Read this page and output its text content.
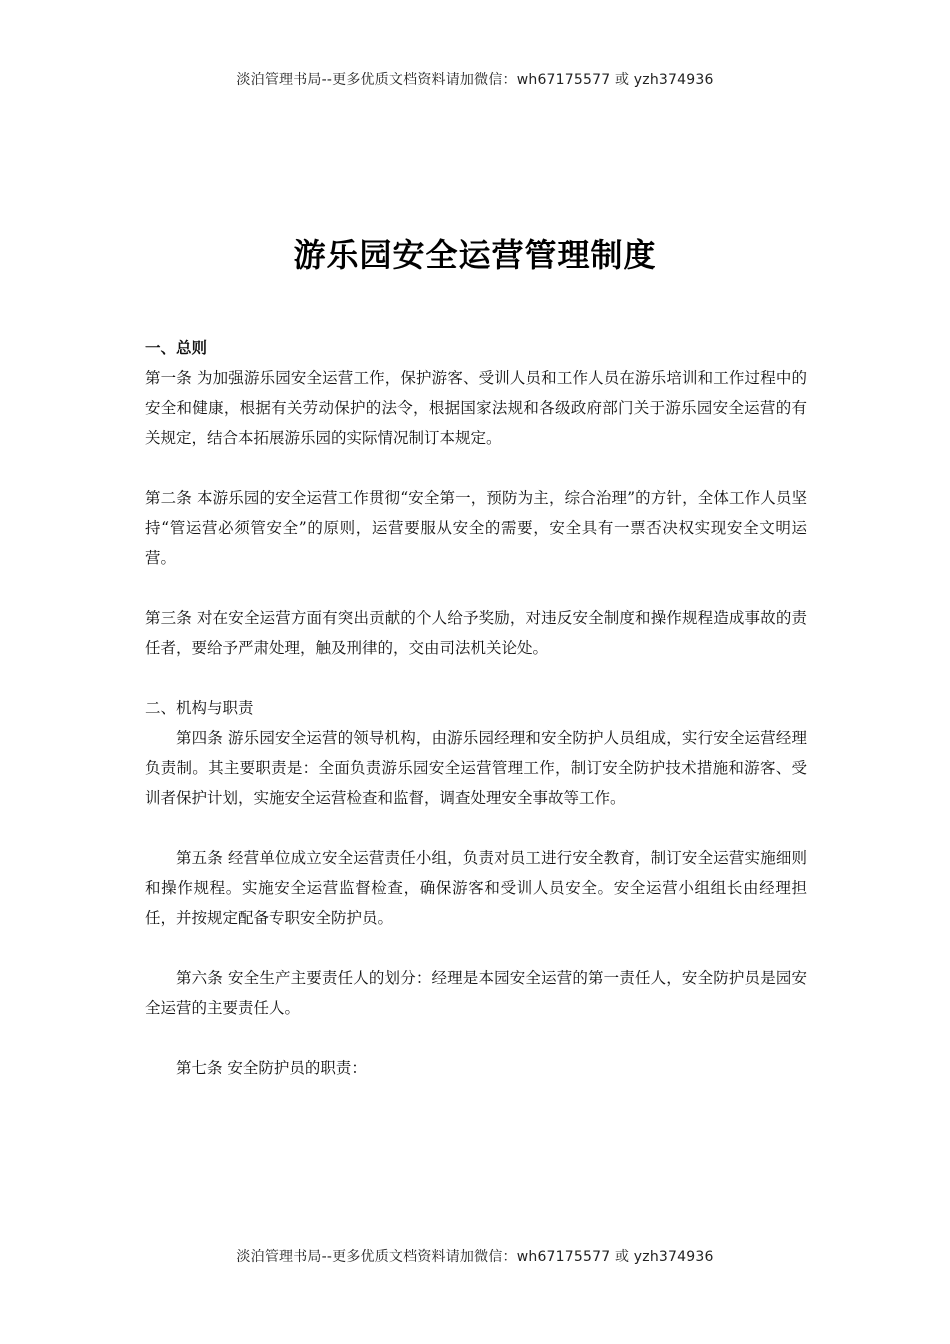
淡泊管理书局--更多优质文档资料请加微信：wh67175577 或 yzh374936
游乐园安全运营管理制度
一、总则

第一条 为加强游乐园安全运营工作，保护游客、受训人员和工作人员在游乐培训和工作过程中的安全和健康，根据有关劳动保护的法令，根据国家法规和各级政府部门关于游乐园安全运营的有关规定，结合本拓展游乐园的实际情况制订本规定。

第二条 本游乐园的安全运营工作贯彻“安全第一，预防为主，综合治理”的方针，全体工作人员坚持“管运营必须管安全”的原则，运营要服从安全的需要，安全具有一票否决权实现安全文明运营。

第三条 对在安全运营方面有突出贡献的个人给予奖励，对违反安全制度和操作规程造成事故的责任者，要给予严肃处理，触及刑律的，交由司法机关论处。

二、机构与职责

第四条 游乐园安全运营的领导机构，由游乐园经理和安全防护人员组成，实行安全运营经理负责制。其主要职责是：全面负责游乐园安全运营管理工作，制订安全防护技术措施和游客、受训者保护计划，实施安全运营检查和监督，调查处理安全事故等工作。

第五条 经营单位成立安全运营责任小组，负责对员工进行安全教育，制订安全运营实施细则和操作规程。实施安全运营监督检查，确保游客和受训人员安全。安全运营小组组长由经理担任，并按规定配备专职安全防护员。

第六条 安全生产主要责任人的划分：经理是本园安全运营的第一责任人，安全防护员是园安全运营的主要责任人。

第七条 安全防护员的职责：

淡泊管理书局--更多优质文档资料请加微信：wh67175577 或 yzh374936
